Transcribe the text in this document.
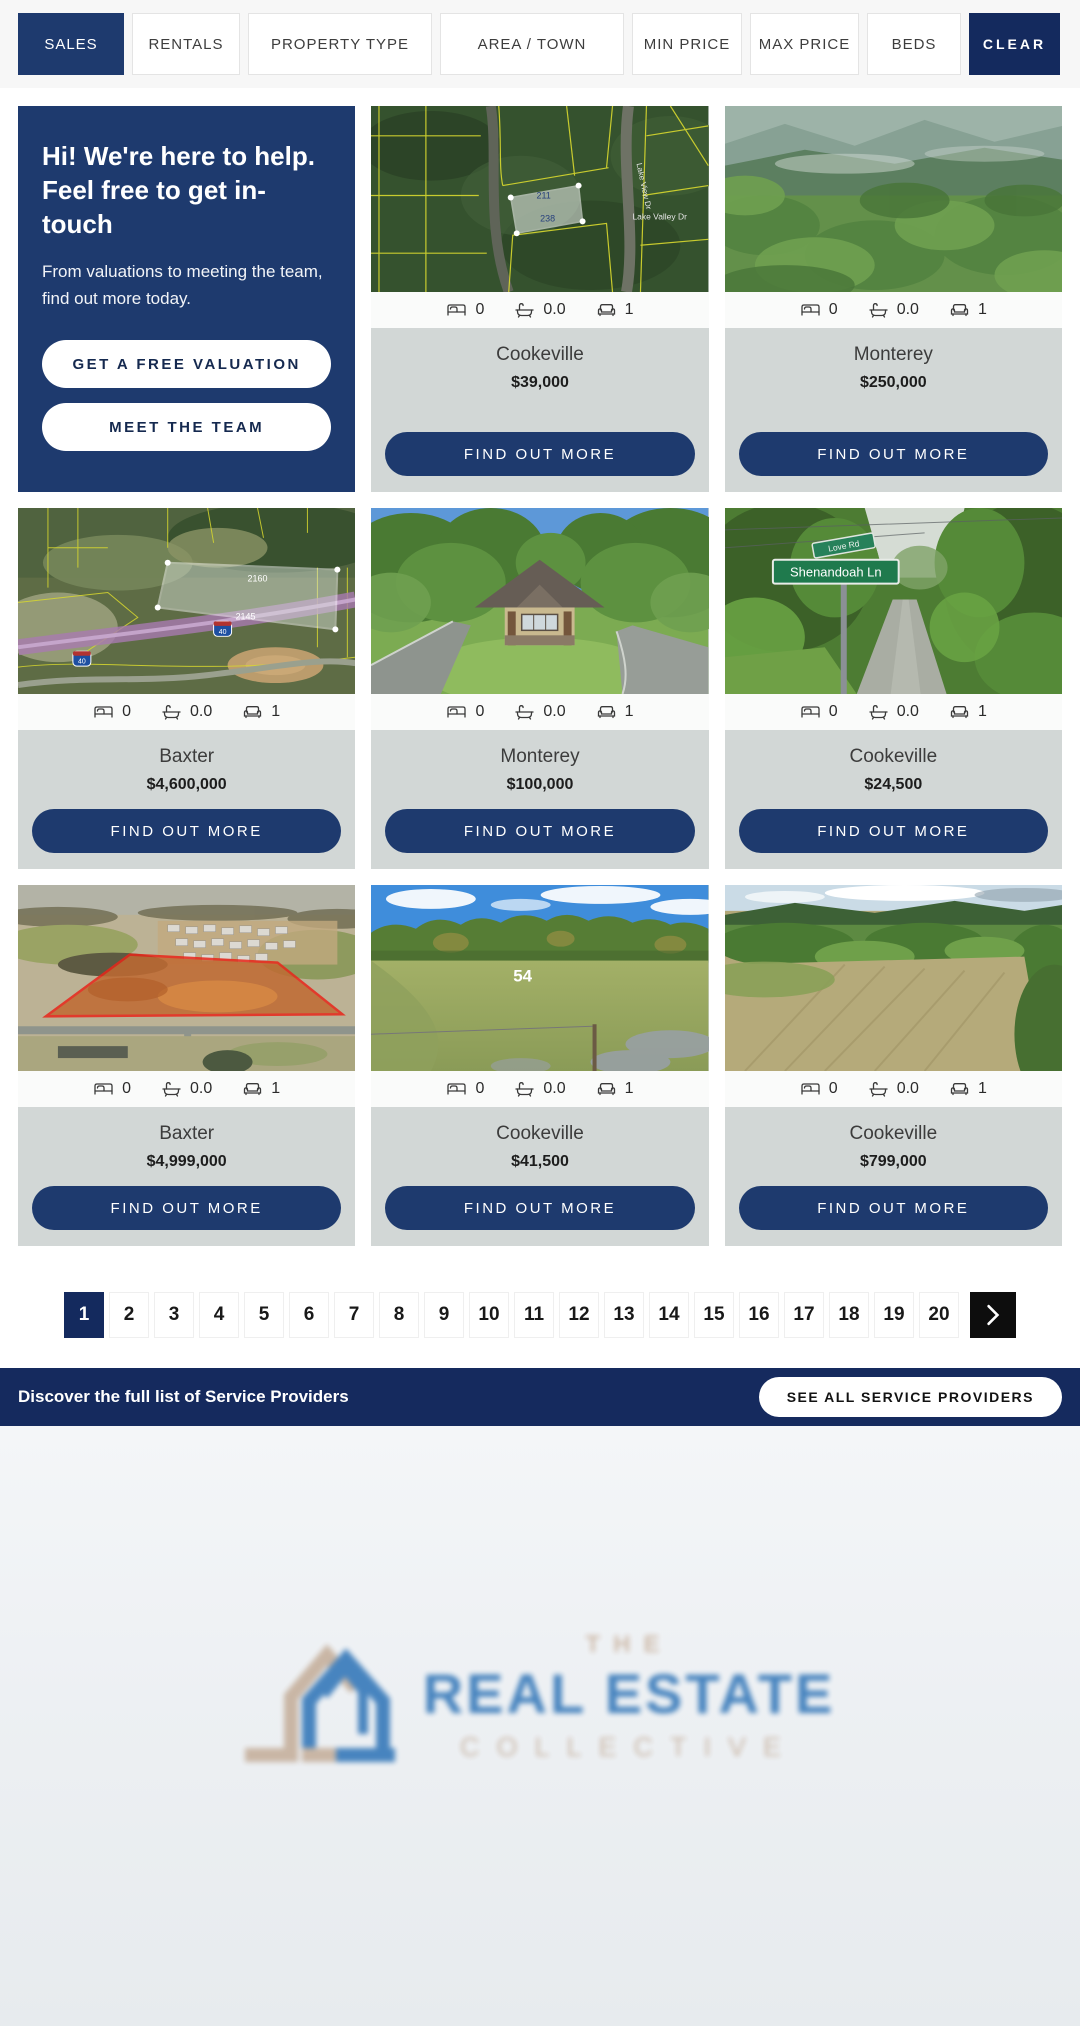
SALES	RENTALS	PROPERTY TYPE	AREA / TOWN	MIN PRICE	MAX PRICE	BEDS	CLEAR
Hi! We're here to help. Feel free to get in-touch

From valuations to meeting the team, find out more today.

GET A FREE VALUATION
MEET THE TEAM
211
238
Lake View Dr
Lake Valley Dr
0	0.0	1
Cookeville
$39,000
FIND OUT MORE
0	0.0	1
Monterey
$250,000
FIND OUT MORE
2160
2145
40
40
0	0.0	1
Baxter
$4,600,000
FIND OUT MORE
0	0.0	1
Monterey
$100,000
FIND OUT MORE
Love Rd
Shenandoah Ln
0	0.0	1
Cookeville
$24,500
FIND OUT MORE
0	0.0	1
Baxter
$4,999,000
FIND OUT MORE
54
0	0.0	1
Cookeville
$41,500
FIND OUT MORE
0	0.0	1
Cookeville
$799,000
FIND OUT MORE
1	2	3	4	5	6	7	8	9	10	11	12	13	14	15	16	17	18	19	20
Discover the full list of Service Providers	SEE ALL SERVICE PROVIDERS
THE
REAL ESTATE
COLLECTIVE
